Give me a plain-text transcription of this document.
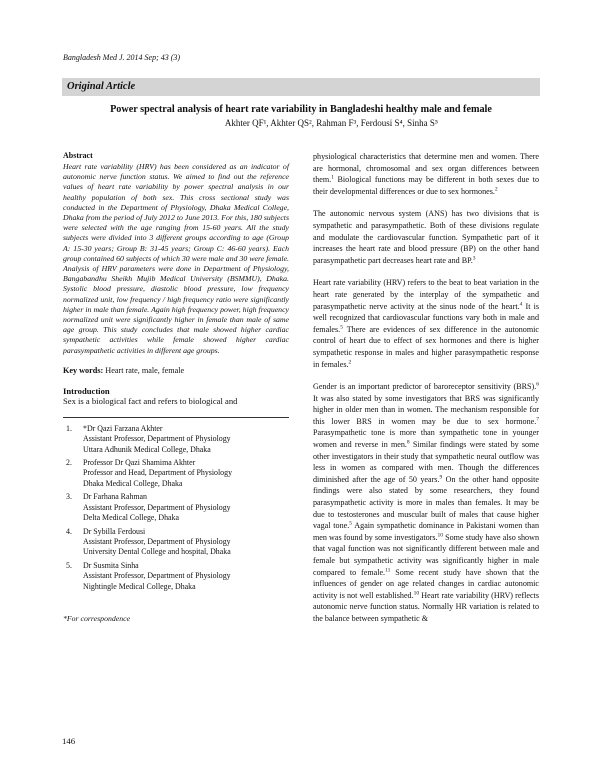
Bangladesh Med J. 2014 Sep; 43 (3)
Original Article
Power spectral analysis of heart rate variability in Bangladeshi healthy male and female
Akhter QF¹, Akhter QS², Rahman F³, Ferdousi S⁴, Sinha S⁵
Abstract
Heart rate variability (HRV) has been considered as an indicator of autonomic nerve function status. We aimed to find out the reference values of heart rate variability by power spectral analysis in our healthy population of both sex. This cross sectional study was conducted in the Department of Physiology, Dhaka Medical College, Dhaka from the period of July 2012 to June 2013. For this, 180 subjects were selected with the age ranging from 15-60 years. All the study subjects were divided into 3 different groups according to age (Group A: 15-30 years; Group B: 31-45 years; Group C: 46-60 years). Each group contained 60 subjects of which 30 were male and 30 were female. Analysis of HRV parameters were done in Department of Physiology, Bangabandhu Sheikh Mujib Medical University (BSMMU), Dhaka. Systolic blood pressure, diastolic blood pressure, low frequency normalized unit, low frequency / high frequency ratio were significantly higher in male than female. Again high frequency power, high frequency normalized unit were significantly higher in female than male of same age group. This study concludes that male showed higher cardiac sympathetic activities while female showed higher cardiac parasympathetic activities in different age groups.
Key words: Heart rate, male, female
Introduction
Sex is a biological fact and refers to biological and
1. *Dr Qazi Farzana Akhter
Assistant Professor, Department of Physiology
Uttara Adhunik Medical College, Dhaka
2. Professor Dr Qazi Shamima Akhter
Professor and Head, Department of Physiology
Dhaka Medical College, Dhaka
3. Dr Farhana Rahman
Assistant Professor, Department of Physiology
Delta Medical College, Dhaka
4. Dr Sybilla Ferdousi
Assistant Professor, Department of Physiology
University Dental College and hospital, Dhaka
5. Dr Susmita Sinha
Assistant Professor, Department of Physiology
Nightingle Medical College, Dhaka
*For correspondence

physiological characteristics that determine men and women. There are hormonal, chromosomal and sex organ differences between them.$^1$ Biological functions may be different in both sexes due to their developmental differences or due to sex hormones.$^2$

The autonomic nervous system (ANS) has two divisions that is sympathetic and parasympathetic. Both of these divisions regulate and modulate the cardiovascular function. Sympathetic part of it increases the heart rate and blood pressure (BP) on the other hand parasympathetic part decreases heart rate and BP.$^3$

Heart rate variability (HRV) refers to the beat to beat variation in the heart rate generated by the interplay of the sympathetic and parasympathetic nerve activity at the sinus node of the heart.$^4$ It is well recognized that cardiovascular functions vary both in male and females.$^5$ There are evidences of sex difference in the autonomic control of heart due to effect of sex hormones and there is higher sympathetic response in males and higher parasympathetic response in females.$^2$

Gender is an important predictor of baroreceptor sensitivity (BRS).$^6$ It was also stated by some investigators that BRS was significantly higher in older men than in women. The mechanism responsible for this lower BRS in women may be due to sex hormone.$^7$ Parasympathetic tone is more than sympathetic tone in younger women and reverse in men.$^8$ Similar findings were stated by some other investigators in their study that sympathetic neural outflow was less in women as compared with men. Though the differences diminished after the age of 50 years.$^9$ On the other hand opposite findings were also stated by some researchers, they found parasympathetic activity is more in males than females. It may be due to testosterones and muscular built of males that cause higher vagal tone.$^5$ Again sympathetic dominance in Pakistani women than men was found by some investigators.$^{10}$ Some study have also shown that vagal function was not significantly different between male and female but sympathetic activity was significantly higher in male compared to female.$^{11}$ Some recent study have shown that the influences of gender on age related changes in cardiac autonomic activity is not well established.$^{10}$ Heart rate variability (HRV) reflects autonomic nerve function status. Normally HR variation is related to the balance between sympathetic &

146
